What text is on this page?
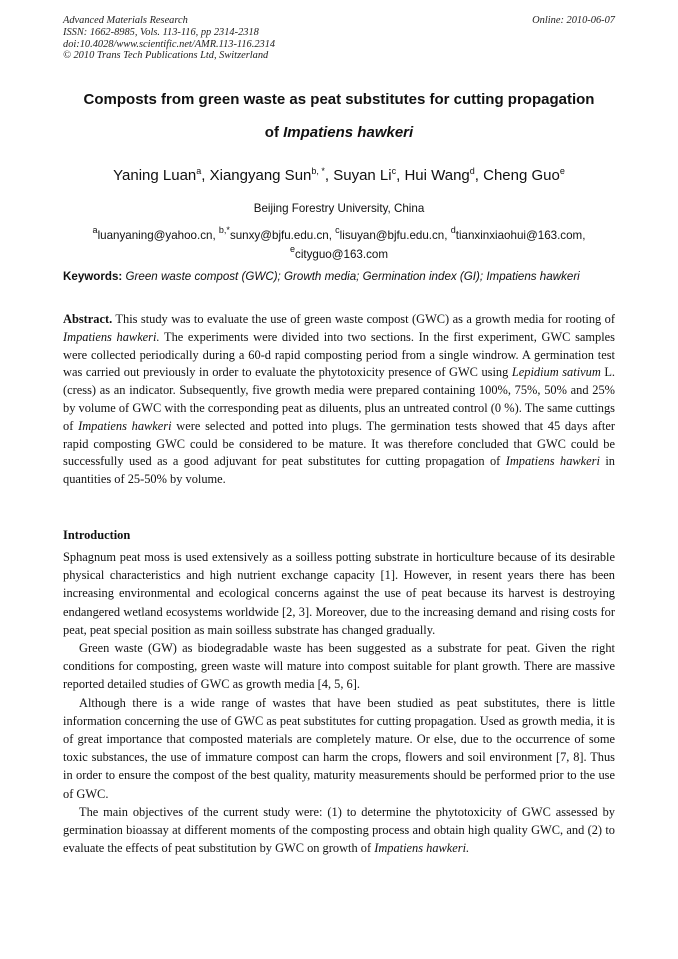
Advanced Materials Research
ISSN: 1662-8985, Vols. 113-116, pp 2314-2318
doi:10.4028/www.scientific.net/AMR.113-116.2314
© 2010 Trans Tech Publications Ltd, Switzerland
Online: 2010-06-07
Composts from green waste as peat substitutes for cutting propagation
of Impatiens hawkeri
Yaning Luan$^a$, Xiangyang Sun$^{b, *}$, Suyan Li$^c$, Hui Wang$^d$, Cheng Guo$^e$
Beijing Forestry University, China
$^a$luanyaning@yahoo.cn, $^{b,*}$sunxy@bjfu.edu.cn, $^c$lisuyan@bjfu.edu.cn, $^d$tianxinxiaohui@163.com,
$^e$cityguo@163.com
Keywords: Green waste compost (GWC); Growth media; Germination index (GI); Impatiens hawkeri
Abstract. This study was to evaluate the use of green waste compost (GWC) as a growth media for rooting of Impatiens hawkeri. The experiments were divided into two sections. In the first experiment, GWC samples were collected periodically during a 60-d rapid composting period from a single windrow. A germination test was carried out previously in order to evaluate the phytotoxicity presence of GWC using Lepidium sativum L. (cress) as an indicator. Subsequently, five growth media were prepared containing 100%, 75%, 50% and 25% by volume of GWC with the corresponding peat as diluents, plus an untreated control (0 %). The same cuttings of Impatiens hawkeri were selected and potted into plugs. The germination tests showed that 45 days after rapid composting GWC could be considered to be mature. It was therefore concluded that GWC could be successfully used as a good adjuvant for peat substitutes for cutting propagation of Impatiens hawkeri in quantities of 25-50% by volume.
Introduction

Sphagnum peat moss is used extensively as a soilless potting substrate in horticulture because of its desirable physical characteristics and high nutrient exchange capacity [1]. However, in resent years there has been increasing environmental and ecological concerns against the use of peat because its harvest is destroying endangered wetland ecosystems worldwide [2, 3]. Moreover, due to the increasing demand and rising costs for peat, peat special position as main soilless substrate has changed gradually.

Green waste (GW) as biodegradable waste has been suggested as a substrate for peat. Given the right conditions for composting, green waste will mature into compost suitable for plant growth. There are massive reported detailed studies of GWC as growth media [4, 5, 6].

Although there is a wide range of wastes that have been studied as peat substitutes, there is little information concerning the use of GWC as peat substitutes for cutting propagation. Used as growth media, it is of great importance that composted materials are completely mature. Or else, due to the occurrence of some toxic substances, the use of immature compost can harm the crops, flowers and soil environment [7, 8]. Thus in order to ensure the compost of the best quality, maturity measurements should be performed prior to the use of GWC.

The main objectives of the current study were: (1) to determine the phytotoxicity of GWC assessed by germination bioassay at different moments of the composting process and obtain high quality GWC, and (2) to evaluate the effects of peat substitution by GWC on growth of Impatiens hawkeri.
